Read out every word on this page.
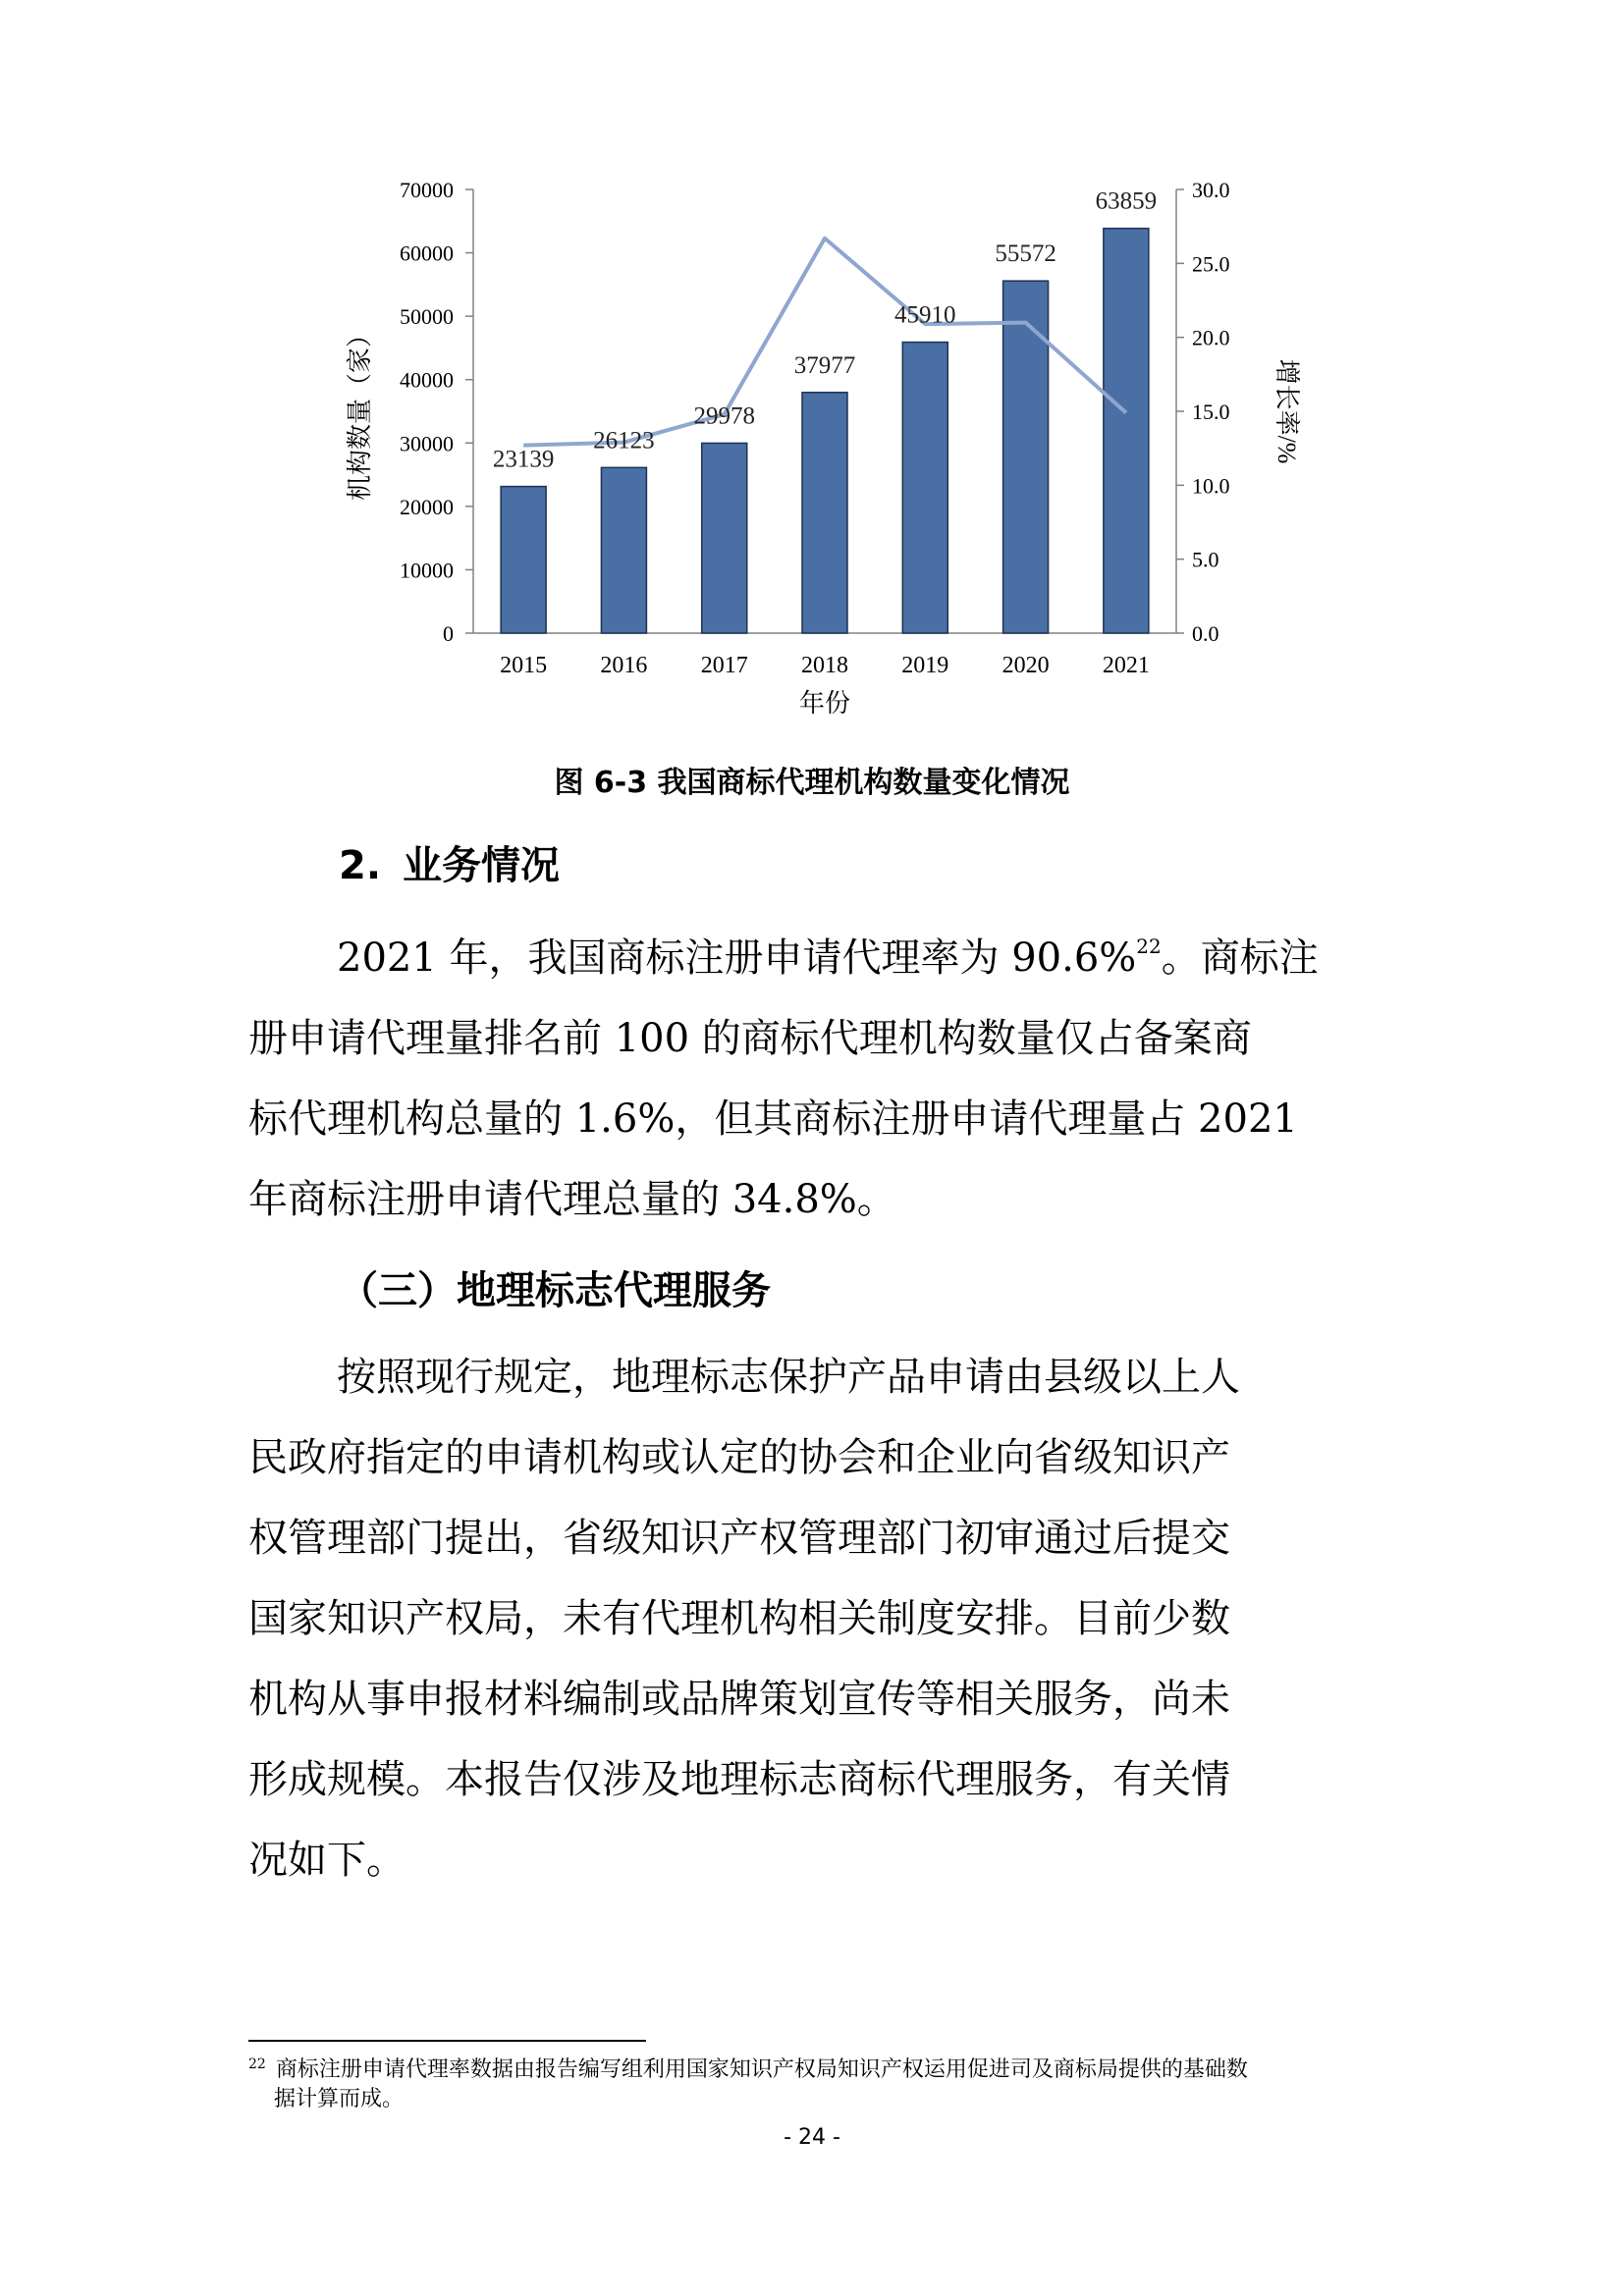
0
10000
20000
30000
40000
50000
60000
70000
0.0
5.0
10.0
15.0
20.0
25.0
30.0
2015 2016 2017 2018 2019 2020 2021
年份
机构数量（家）	增长率/%
23139
26123
29978
37977
45910
55572
63859
图 6-3 我国商标代理机构数量变化情况
2. 业务情况

2021 年，我国商标注册申请代理率为 90.6%$^{22}$。商标注
册申请代理量排名前 100 的商标代理机构数量仅占备案商
标代理机构总量的 1.6%，但其商标注册申请代理量占 2021
年商标注册申请代理总量的 34.8%。

（三）地理标志代理服务

按照现行规定，地理标志保护产品申请由县级以上人
民政府指定的申请机构或认定的协会和企业向省级知识产
权管理部门提出，省级知识产权管理部门初审通过后提交
国家知识产权局，未有代理机构相关制度安排。目前少数
机构从事申报材料编制或品牌策划宣传等相关服务，尚未
形成规模。本报告仅涉及地理标志商标代理服务，有关情
况如下。

$^{22}$ 商标注册申请代理率数据由报告编写组利用国家知识产权局知识产权运用促进司及商标局提供的基础数
据计算而成。
- 24 -
